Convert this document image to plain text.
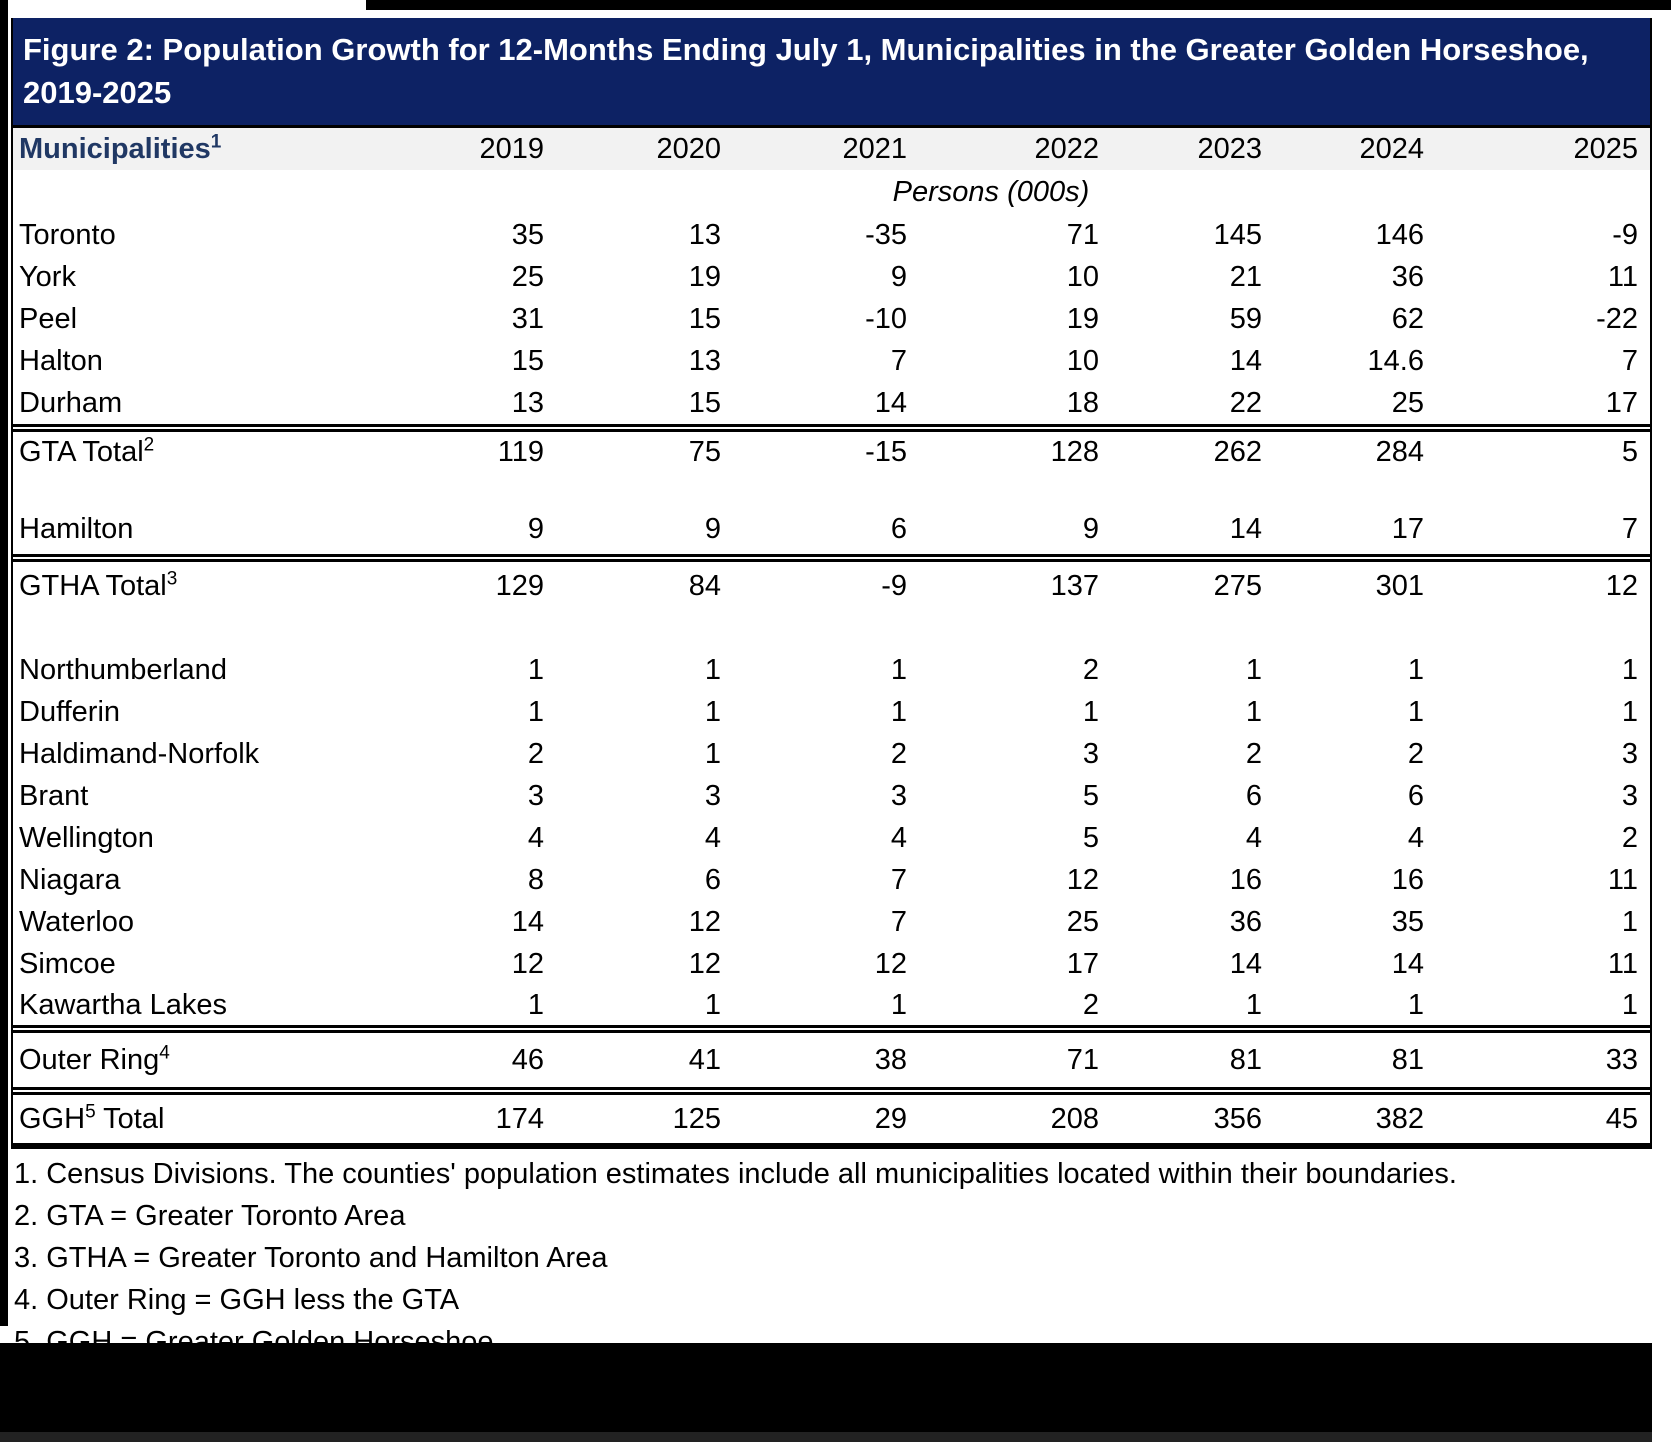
Figure 2: Population Growth for 12-Months Ending July 1, Municipalities in the Greater Golden Horseshoe, 2019-2025
Municipalities$^1$	2019	2020	2021	2022	2023	2024	2025
	Persons (000s)						
Toronto	35	13	-35	71	145	146	-9
York	25	19	9	10	21	36	11
Peel	31	15	-10	19	59	62	-22
Halton	15	13	7	10	14	14.6	7
Durham	13	15	14	18	22	25	17
GTA Total$^2$	119	75	-15	128	262	284	5
Hamilton	9	9	6	9	14	17	7
GTHA Total$^3$	129	84	-9	137	275	301	12
Northumberland	1	1	1	2	1	1	1
Dufferin	1	1	1	1	1	1	1
Haldimand-Norfolk	2	1	2	3	2	2	3
Brant	3	3	3	5	6	6	3
Wellington	4	4	4	5	4	4	2
Niagara	8	6	7	12	16	16	11
Waterloo	14	12	7	25	36	35	1
Simcoe	12	12	12	17	14	14	11
Kawartha Lakes	1	1	1	2	1	1	1
Outer Ring$^4$	46	41	38	71	81	81	33
GGH$^5$ Total	174	125	29	208	356	382	45

1. Census Divisions. The counties' population estimates include all municipalities located within their boundaries.

2. GTA = Greater Toronto Area

3. GTHA = Greater Toronto and Hamilton Area

4. Outer Ring = GGH less the GTA

5. GGH = Greater Golden Horseshoe
